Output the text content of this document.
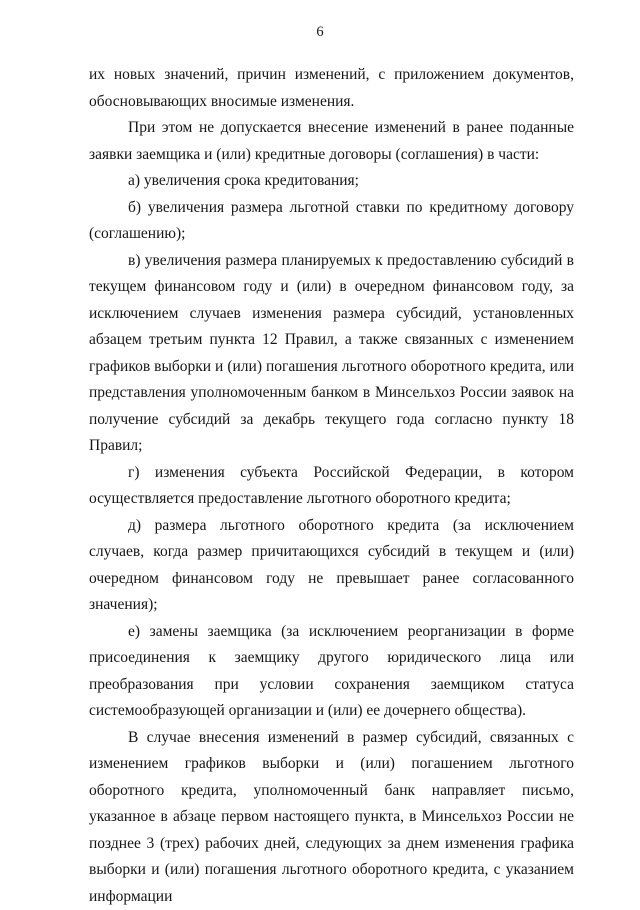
6

их новых значений, причин изменений, с приложением документов, обосновывающих вносимые изменения.

При этом не допускается внесение изменений в ранее поданные заявки заемщика и (или) кредитные договоры (соглашения) в части:

а) увеличения срока кредитования;

б) увеличения размера льготной ставки по кредитному договору (соглашению);

в) увеличения размера планируемых к предоставлению субсидий в текущем финансовом году и (или) в очередном финансовом году, за исключением случаев изменения размера субсидий, установленных абзацем третьим пункта 12 Правил, а также связанных с изменением графиков выборки и (или) погашения льготного оборотного кредита, или представления уполномоченным банком в Минсельхоз России заявок на получение субсидий за декабрь текущего года согласно пункту 18 Правил;

г) изменения субъекта Российской Федерации, в котором осуществляется предоставление льготного оборотного кредита;

д) размера льготного оборотного кредита (за исключением случаев, когда размер причитающихся субсидий в текущем и (или) очередном финансовом году не превышает ранее согласованного значения);

е) замены заемщика (за исключением реорганизации в форме присоединения к заемщику другого юридического лица или преобразования при условии сохранения заемщиком статуса системообразующей организации и (или) ее дочернего общества).

В случае внесения изменений в размер субсидий, связанных с изменением графиков выборки и (или) погашением льготного оборотного кредита, уполномоченный банк направляет письмо, указанное в абзаце первом настоящего пункта, в Минсельхоз России не позднее 3 (трех) рабочих дней, следующих за днем изменения графика выборки и (или) погашения льготного оборотного кредита, с указанием информации
